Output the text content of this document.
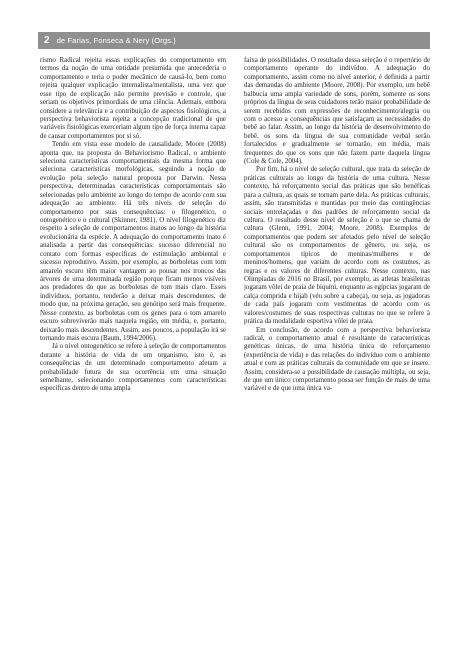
2 de Farias, Fonseca & Nery (Orgs.)

rismo Radical rejeita essas explicações do comportamento em termos da noção de uma entidade presumida que antecederia o comportamento e teria o poder mecânico de causá-lo, bem como rejeita qualquer explicação internalista/mentalista, uma vez que esse tipo de explicação não permite previsão e controle, que seriam os objetivos primordiais de uma ciência. Ademais, embora considere a relevância e a contribuição de aspectos fisiológicos, a perspectiva behaviorista rejeita a concepção tradicional de que variáveis fisiológicas exerceriam algum tipo de força interna capaz de causar comportamentos por si só.

Tendo em vista esse modelo de causalidade, Moore (2008) aponta que, na proposta do Behaviorismo Radical, o ambiente seleciona características comportamentais da mesma forma que seleciona características morfológicas, seguindo a noção de evolução pela seleção natural proposta por Darwin. Nessa perspectiva, determinadas características comportamentais são selecionadas pelo ambiente ao longo do tempo de acordo com sua adequação ao ambiente. Há três níveis de seleção do comportamento por suas consequências: o filogenético, o ontogenético e o cultural (Skinner, 1981). O nível filogenético diz respeito à seleção de comportamentos inatos ao longo da história evolucionária da espécie. A adequação do comportamento inato é analisada a partir das consequências: sucesso diferencial no contato com formas específicas de estimulação ambiental e sucesso reprodutivo. Assim, por exemplo, as borboletas com tom amarelo escuro têm maior vantagem ao pousar nos troncos das árvores de uma determinada região porque ficam menos visíveis aos predadores do que as borboletas de tom mais claro. Esses indivíduos, portanto, tenderão a deixar mais descendentes, de modo que, na próxima geração, seu genótipo será mais frequente. Nesse contexto, as borboletas com os genes para o tom amarelo escuro sobreviverão mais naquela região, em média, e, portanto, deixarão mais descendentes. Assim, aos poucos, a população irá se tornando mais escura (Baum, 1994/2006).

Já o nível ontogenético se refere à seleção de comportamentos durante a história de vida de um organismo, isto é, as consequências de um determinado comportamento afetam a probabilidade futura de sua ocorrência em uma situação semelhante, selecionando comportamentos com características específicas dentro de uma ampla

faixa de possibilidades. O resultado dessa seleção é o repertório de comportamento operante do indivíduo. A adequação do comportamento, assim como no nível anterior, é definida a partir das demandas do ambiente (Moore, 2008). Por exemplo, um bebê balbucia uma ampla variedade de sons, porém, somente os sons próprios da língua de seus cuidadores terão maior probabilidade de serem recebidos com expressões de reconhecimento/alegria ou com o acesso a consequências que satisfaçam as necessidades do bebê ao falar. Assim, ao longo da história de desenvolvimento do bebê, os sons da língua de sua comunidade verbal serão fortalecidos e gradualmente se tornarão, em média, mais frequentes do que os sons que não fazem parte daquela língua (Cole & Cole, 2004).

Por fim, há o nível de seleção cultural, que trata da seleção de práticas culturais ao longo da história de uma cultura. Nesse contexto, há reforçamento social das práticas que são benéficas para a cultura, as quais se tornam parte dela. As práticas culturais, assim, são transmitidas e mantidas por meio das contingências sociais entrelaçadas e dos padrões de reforçamento social da cultura. O resultado desse nível de seleção é o que se chama de cultura (Glenn, 1991, 2004; Moore, 2008). Exemplos de comportamentos que podem ser afetados pelo nível de seleção cultural são os comportamentos de gênero, ou seja, os comportamentos típicos de meninas/mulheres e de meninos/homens, que variam de acordo com os costumes, as regras e os valores de diferentes culturas. Nesse contexto, nas Olimpíadas de 2016 no Brasil, por exemplo, as atletas brasileiras jogaram vôlei de praia de biquíni, enquanto as egípcias jogaram de calça comprida e hijab (véu sobre a cabeça), ou seja, as jogadoras de cada país jogaram com vestimentas de acordo com os valores/costumes de suas respectivas culturas no que se refere à prática da modalidade esportiva vôlei de praia.

Em conclusão, de acordo com a perspectiva behaviorista radical, o comportamento atual é resultante de características genéticas únicas, de uma história única de reforçamento (experiência de vida) e das relações do indivíduo com o ambiente atual e com as práticas culturais da comunidade em que se insere. Assim, considera-se a possibilidade de causação múltipla, ou seja, de que um único comportamento possa ser função de mais de uma variável e de que uma única va-
